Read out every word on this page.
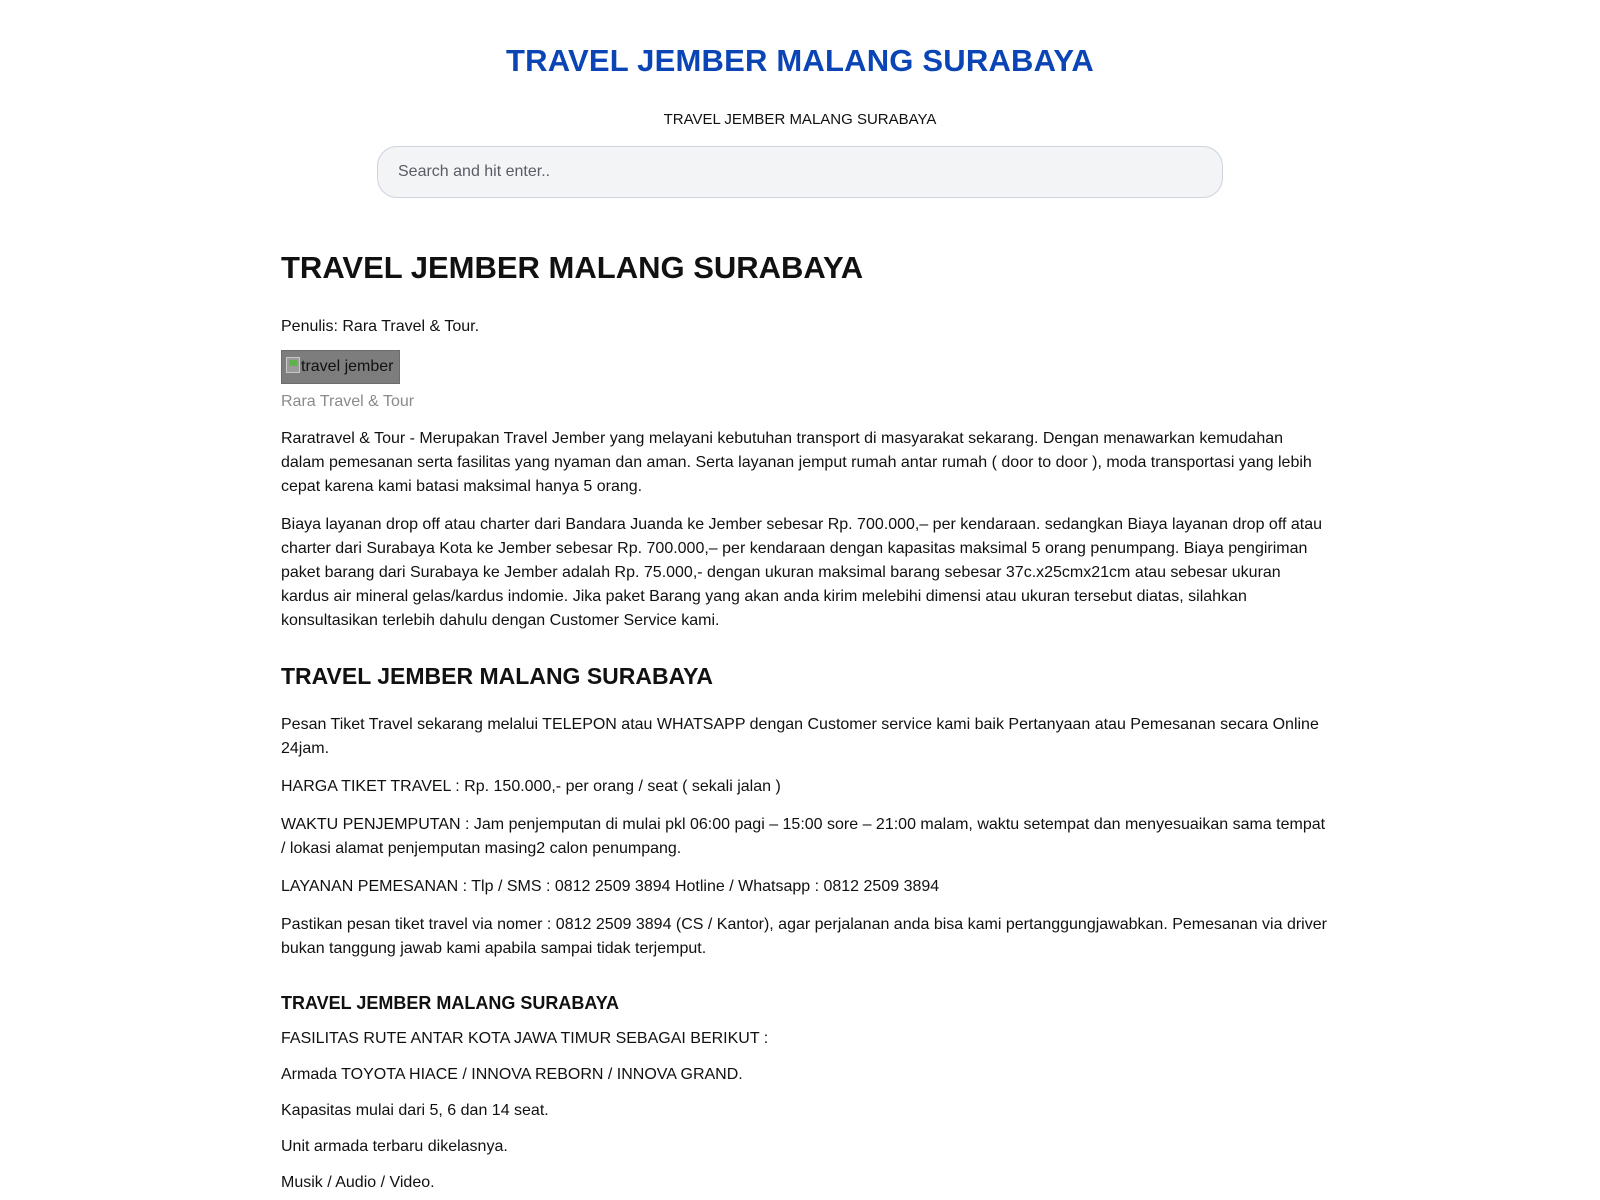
TRAVEL JEMBER MALANG SURABAYA

TRAVEL JEMBER MALANG SURABAYA

Search and hit enter..
TRAVEL JEMBER MALANG SURABAYA

Penulis: Rara Travel & Tour.

travel jember

Rara Travel & Tour

Raratravel & Tour - Merupakan Travel Jember yang melayani kebutuhan transport di masyarakat sekarang. Dengan menawarkan kemudahan dalam pemesanan serta fasilitas yang nyaman dan aman. Serta layanan jemput rumah antar rumah ( door to door ), moda transportasi yang lebih cepat karena kami batasi maksimal hanya 5 orang.

Biaya layanan drop off atau charter dari Bandara Juanda ke Jember sebesar Rp. 700.000,– per kendaraan. sedangkan Biaya layanan drop off atau charter dari Surabaya Kota ke Jember sebesar Rp. 700.000,– per kendaraan dengan kapasitas maksimal 5 orang penumpang. Biaya pengiriman paket barang dari Surabaya ke Jember adalah Rp. 75.000,- dengan ukuran maksimal barang sebesar 37c.x25cmx21cm atau sebesar ukuran kardus air mineral gelas/kardus indomie. Jika paket Barang yang akan anda kirim melebihi dimensi atau ukuran tersebut diatas, silahkan konsultasikan terlebih dahulu dengan Customer Service kami.

TRAVEL JEMBER MALANG SURABAYA

Pesan Tiket Travel sekarang melalui TELEPON atau WHATSAPP dengan Customer service kami baik Pertanyaan atau Pemesanan secara Online 24jam.

HARGA TIKET TRAVEL : Rp. 150.000,- per orang / seat ( sekali jalan )

WAKTU PENJEMPUTAN : Jam penjemputan di mulai pkl 06:00 pagi – 15:00 sore – 21:00 malam, waktu setempat dan menyesuaikan sama tempat / lokasi alamat penjemputan masing2 calon penumpang.

LAYANAN PEMESANAN : Tlp / SMS : 0812 2509 3894 Hotline / Whatsapp : 0812 2509 3894

Pastikan pesan tiket travel via nomer : 0812 2509 3894 (CS / Kantor), agar perjalanan anda bisa kami pertanggungjawabkan. Pemesanan via driver bukan tanggung jawab kami apabila sampai tidak terjemput.

TRAVEL JEMBER MALANG SURABAYA

FASILITAS RUTE ANTAR KOTA JAWA TIMUR SEBAGAI BERIKUT :

Armada TOYOTA HIACE / INNOVA REBORN / INNOVA GRAND.

Kapasitas mulai dari 5, 6 dan 14 seat.

Unit armada terbaru dikelasnya.

Musik / Audio / Video.
